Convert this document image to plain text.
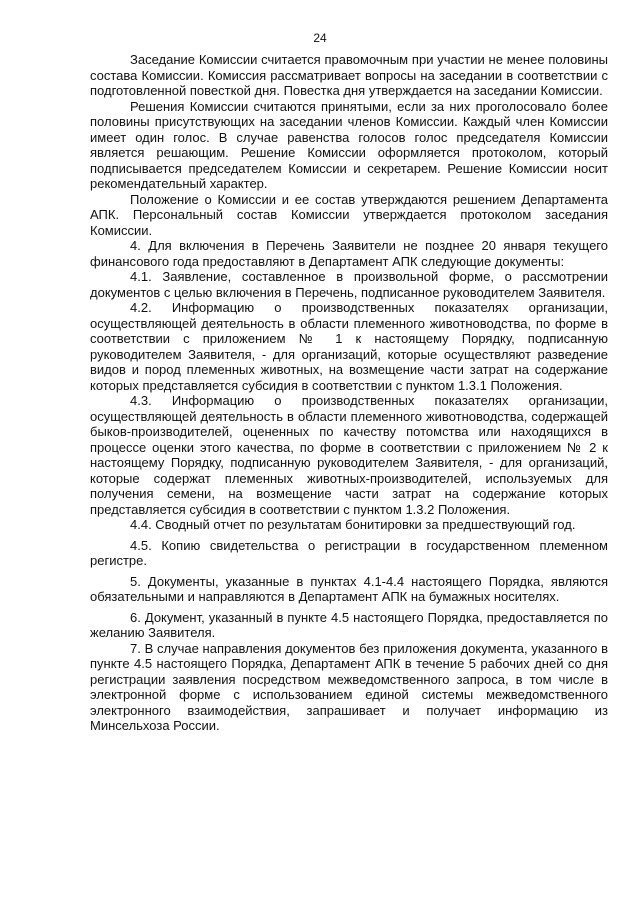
24

Заседание Комиссии считается правомочным при участии не менее половины состава Комиссии. Комиссия рассматривает вопросы на заседании в соответствии с подготовленной повесткой дня. Повестка дня утверждается на заседании Комиссии.

Решения Комиссии считаются принятыми, если за них проголосовало более половины присутствующих на заседании членов Комиссии. Каждый член Комиссии имеет один голос. В случае равенства голосов голос председателя Комиссии является решающим. Решение Комиссии оформляется протоколом, который подписывается председателем Комиссии и секретарем. Решение Комиссии носит рекомендательный характер.

Положение о Комиссии и ее состав утверждаются решением Департамента АПК. Персональный состав Комиссии утверждается протоколом заседания Комиссии.

4. Для включения в Перечень Заявители не позднее 20 января текущего финансового года предоставляют в Департамент АПК следующие документы:

4.1. Заявление, составленное в произвольной форме, о рассмотрении документов с целью включения в Перечень, подписанное руководителем Заявителя.

4.2. Информацию о производственных показателях организации, осуществляющей деятельность в области племенного животноводства, по форме в соответствии с приложением № 1 к настоящему Порядку, подписанную руководителем Заявителя, - для организаций, которые осуществляют разведение видов и пород племенных животных, на возмещение части затрат на содержание которых представляется субсидия в соответствии с пунктом 1.3.1 Положения.

4.3. Информацию о производственных показателях организации, осуществляющей деятельность в области племенного животноводства, содержащей быков-производителей, оцененных по качеству потомства или находящихся в процессе оценки этого качества, по форме в соответствии с приложением № 2 к настоящему Порядку, подписанную руководителем Заявителя, - для организаций, которые содержат племенных животных-производителей, используемых для получения семени, на возмещение части затрат на содержание которых представляется субсидия в соответствии с пунктом 1.3.2 Положения.

4.4. Сводный отчет по результатам бонитировки за предшествующий год.

4.5. Копию свидетельства о регистрации в государственном племенном регистре.

5. Документы, указанные в пунктах 4.1-4.4 настоящего Порядка, являются обязательными и направляются в Департамент АПК на бумажных носителях.

6. Документ, указанный в пункте 4.5 настоящего Порядка, предоставляется по желанию Заявителя.

7. В случае направления документов без приложения документа, указанного в пункте 4.5 настоящего Порядка, Департамент АПК в течение 5 рабочих дней со дня регистрации заявления посредством межведомственного запроса, в том числе в электронной форме с использованием единой системы межведомственного электронного взаимодействия, запрашивает и получает информацию из Минсельхоза России.
